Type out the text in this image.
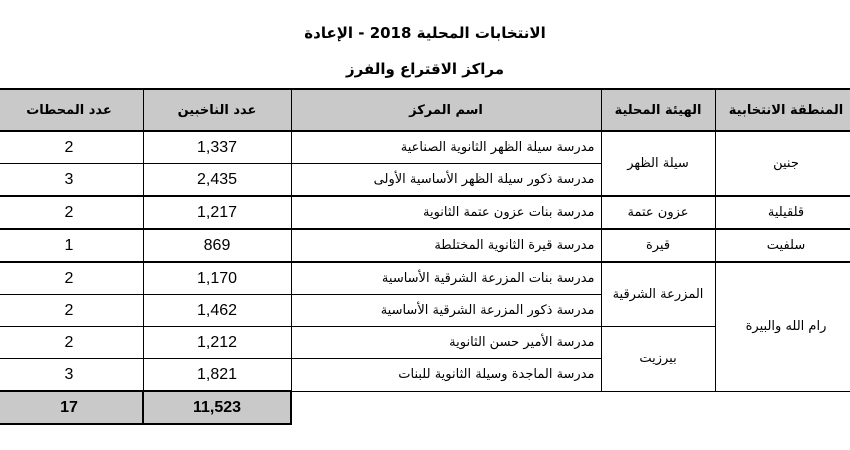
الانتخابات المحلية 2018 - الإعادة
مراكز الاقتراع والفرز
عدد المحطات	عدد الناخبين	اسم المركز	الهيئة المحلية	المنطقة الانتخابية
2	1,337	مدرسة سيلة الظهر الثانوية الصناعية	سيلة الظهر	جنين
3	2,435	مدرسة ذكور سيلة الظهر الأساسية الأولى		
2	1,217	مدرسة بنات عزون عتمة الثانوية	عزون عتمة	قلقيلية
1	869	مدرسة قيرة الثانوية المختلطة	قيرة	سلفيت
2	1,170	مدرسة بنات المزرعة الشرقية الأساسية	المزرعة الشرقية	رام الله والبيرة
2	1,462	مدرسة ذكور المزرعة الشرقية الأساسية		
2	1,212	مدرسة الأمير حسن الثانوية	بيرزيت	
3	1,821	مدرسة الماجدة وسيلة الثانوية للبنات		
17	11,523			
